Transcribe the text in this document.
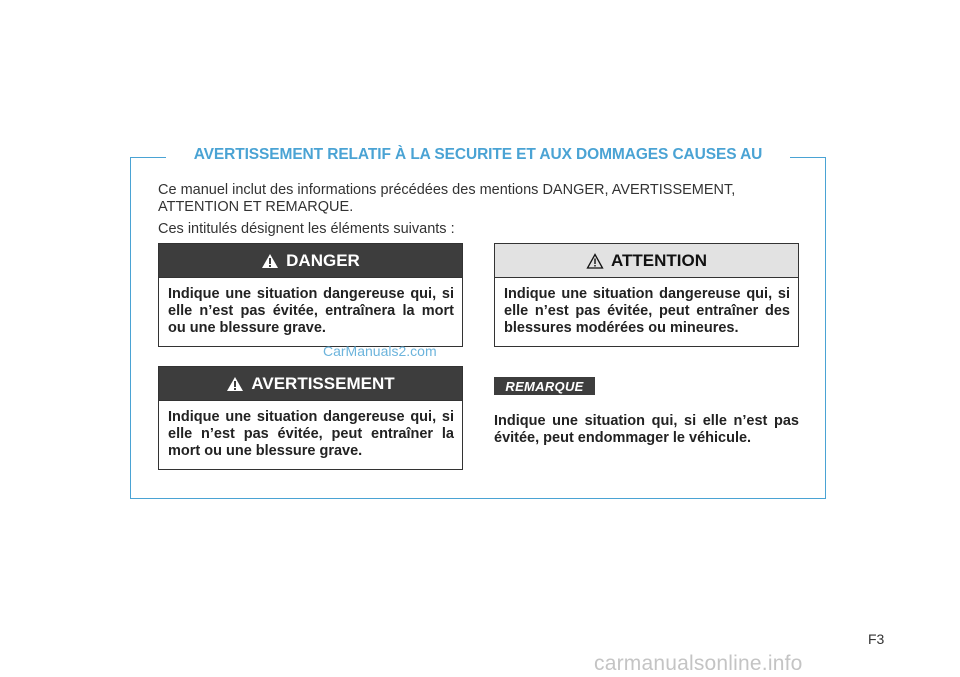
AVERTISSEMENT RELATIF À LA SECURITE ET AUX DOMMAGES CAUSES AU

Ce manuel inclut des informations précédées des mentions DANGER, AVERTISSEMENT, ATTENTION ET REMARQUE.

Ces intitulés désignent les éléments suivants :

DANGER
Indique une situation dangereuse qui, si elle n’est pas évitée, entraînera la mort ou une blessure grave.
ATTENTION
Indique une situation dangereuse qui, si elle n’est pas évitée, peut entraîner des blessures modérées ou mineures.
CarManuals2.com
AVERTISSEMENT
Indique une situation dangereuse qui, si elle n’est pas évitée, peut entraîner la mort ou une blessure grave.
REMARQUE
Indique une situation qui, si elle n’est pas évitée, peut endommager le véhicule.
F3
carmanualsonline.info
